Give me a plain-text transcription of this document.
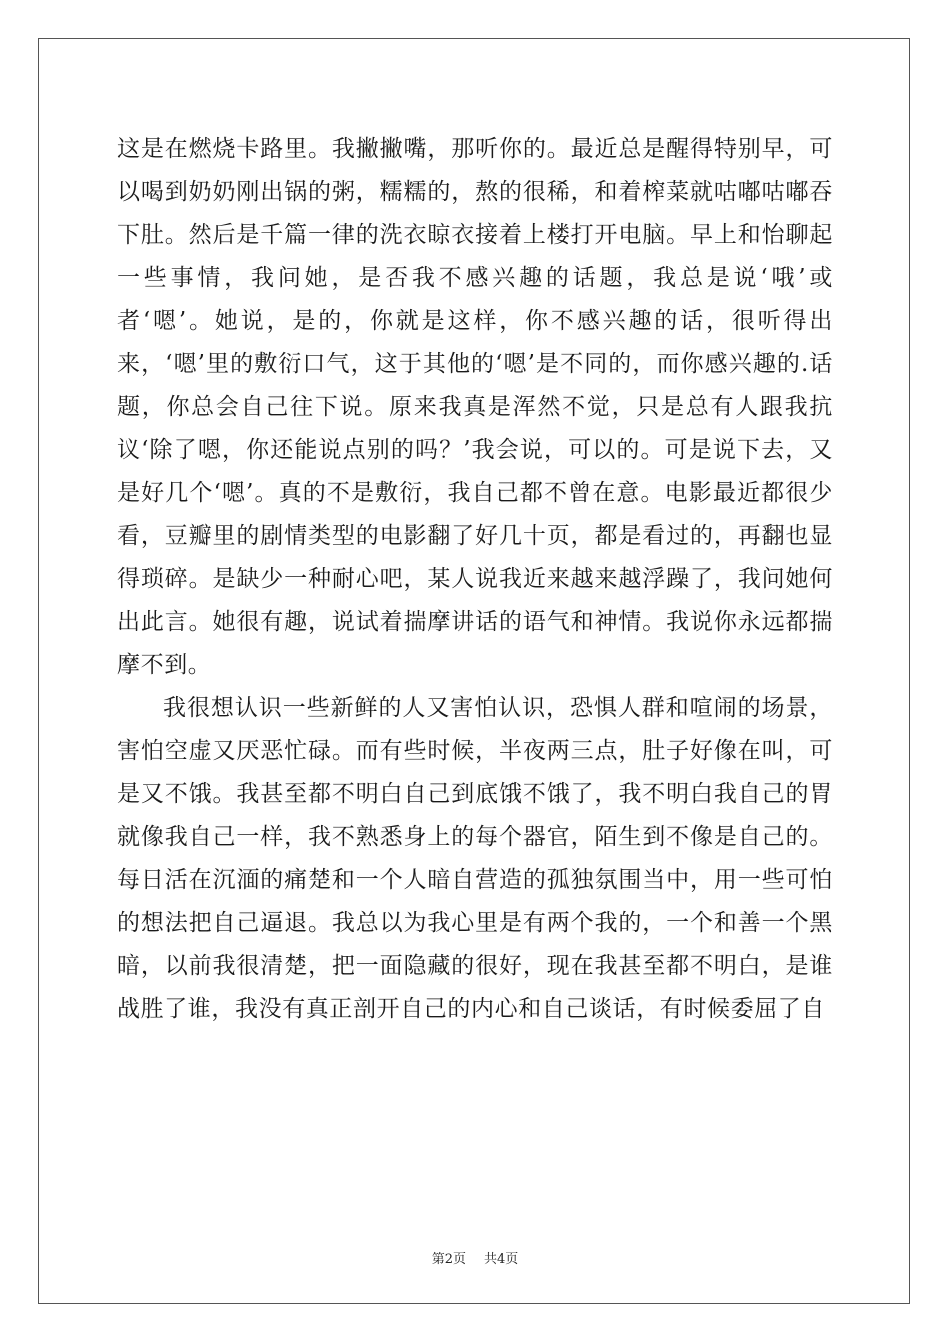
这是在燃烧卡路里。我撇撇嘴，那听你的。最近总是醒得特别早，可以喝到奶奶刚出锅的粥，糯糯的，熬的很稀，和着榨菜就咕嘟咕嘟吞下肚。然后是千篇一律的洗衣晾衣接着上楼打开电脑。早上和怡聊起一些事情，我问她，是否我不感兴趣的话题，我总是说‘哦’或者‘嗯’。她说，是的，你就是这样，你不感兴趣的话，很听得出来，‘嗯’里的敷衍口气，这于其他的‘嗯’是不同的，而你感兴趣的.话题，你总会自己往下说。原来我真是浑然不觉，只是总有人跟我抗议‘除了嗯，你还能说点别的吗？’我会说，可以的。可是说下去，又是好几个‘嗯’。真的不是敷衍，我自己都不曾在意。电影最近都很少看，豆瓣里的剧情类型的电影翻了好几十页，都是看过的，再翻也显得琐碎。是缺少一种耐心吧，某人说我近来越来越浮躁了，我问她何出此言。她很有趣，说试着揣摩讲话的语气和神情。我说你永远都揣摩不到。

我很想认识一些新鲜的人又害怕认识，恐惧人群和喧闹的场景，害怕空虚又厌恶忙碌。而有些时候，半夜两三点，肚子好像在叫，可是又不饿。我甚至都不明白自己到底饿不饿了，我不明白我自己的胃就像我自己一样，我不熟悉身上的每个器官，陌生到不像是自己的。每日活在沉湎的痛楚和一个人暗自营造的孤独氛围当中，用一些可怕的想法把自己逼退。我总以为我心里是有两个我的，一个和善一个黑暗，以前我很清楚，把一面隐藏的很好，现在我甚至都不明白，是谁战胜了谁，我没有真正剖开自己的内心和自己谈话，有时候委屈了自

第2页 共4页
